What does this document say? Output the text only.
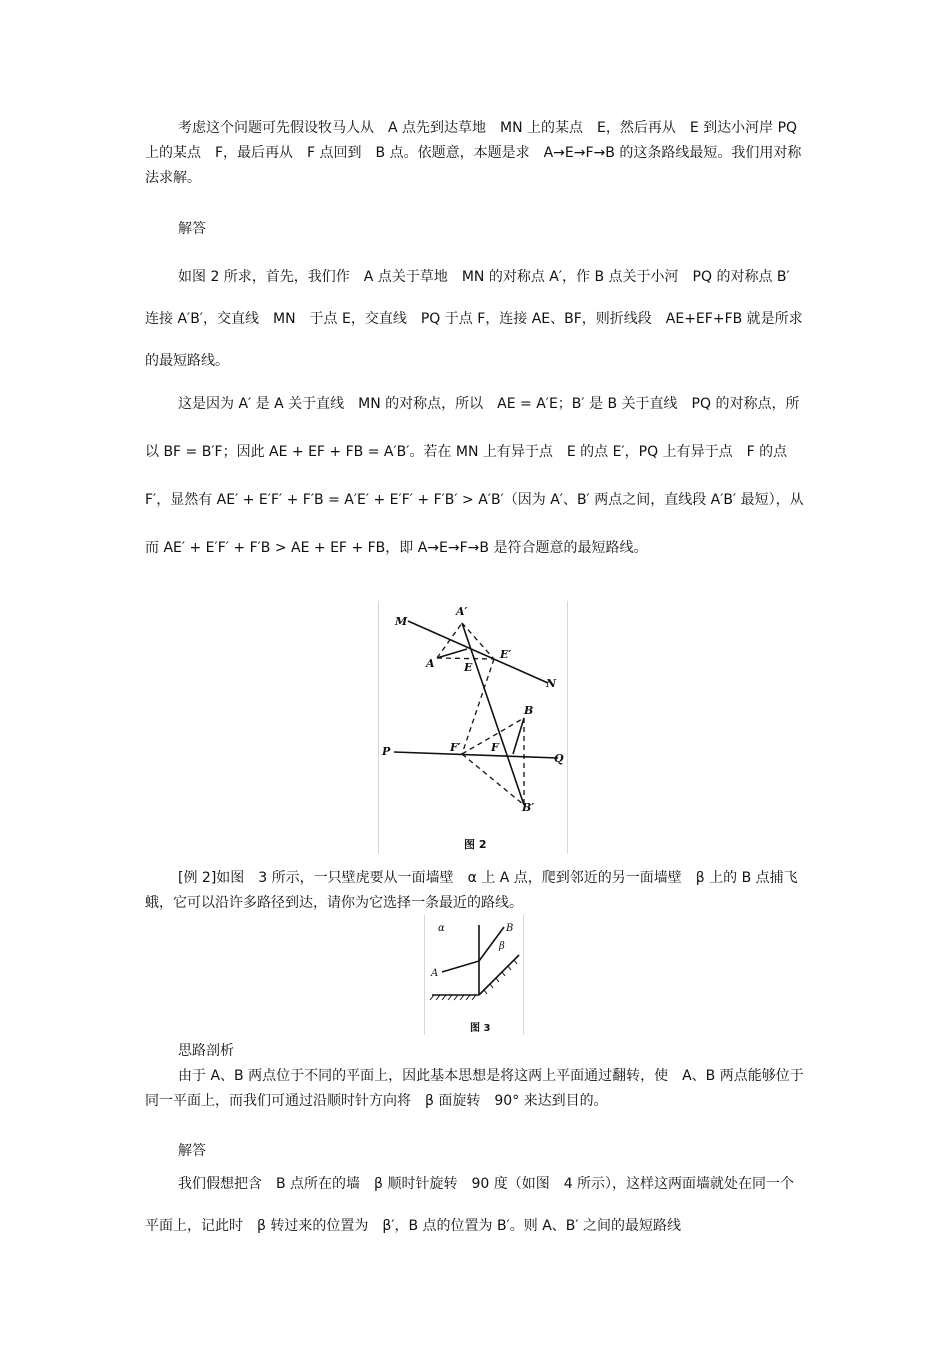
考虑这个问题可先假设牧马人从　A 点先到达草地　MN 上的某点　E，然后再从　E 到达小河岸 PQ 上的某点　F，最后再从　F 点回到　B 点。依题意，本题是求　A→E→F→B 的这条路线最短。我们用对称法求解。

解答

如图 2 所求，首先，我们作　A 点关于草地　MN 的对称点 A′，作 B 点关于小河　PQ 的对称点 B′ 连接 A′B′，交直线　MN　于点 E，交直线　PQ 于点 F，连接 AE、BF，则折线段　AE+EF+FB 就是所求的最短路线。

这是因为 A′ 是 A 关于直线　MN 的对称点，所以　AE = A′E；B′ 是 B 关于直线　PQ 的对称点，所以 BF = B′F；因此 AE + EF + FB = A′B′。若在 MN 上有异于点　E 的点 E′，PQ 上有异于点　F 的点 F′，显然有 AE′ + E′F′ + F′B = A′E′ + E′F′ + F′B′ > A′B′（因为 A′、B′ 两点之间，直线段 A′B′ 最短），从而 AE′ + E′F′ + F′B > AE + EF + FB，即 A→E→F→B 是符合题意的最短路线。

M
A′
A	E
E′
N
B
P	F′	F
Q
B′
图 2

[例 2]如图　3 所示，一只壁虎要从一面墙壁　α 上 A 点，爬到邻近的另一面墙壁　β 上的 B 点捕飞蛾，它可以沿许多路径到达，请你为它选择一条最近的路线。

α
β
A
B
图 3

思路剖析

由于 A、B 两点位于不同的平面上，因此基本思想是将这两上平面通过翻转，使　A、B 两点能够位于同一平面上，而我们可通过沿顺时针方向将　β 面旋转　90° 来达到目的。

解答

我们假想把含　B 点所在的墙　β 顺时针旋转　90 度（如图　4 所示），这样这两面墙就处在同一个平面上，记此时　β 转过来的位置为　β′，B 点的位置为 B′。则 A、B′ 之间的最短路线
